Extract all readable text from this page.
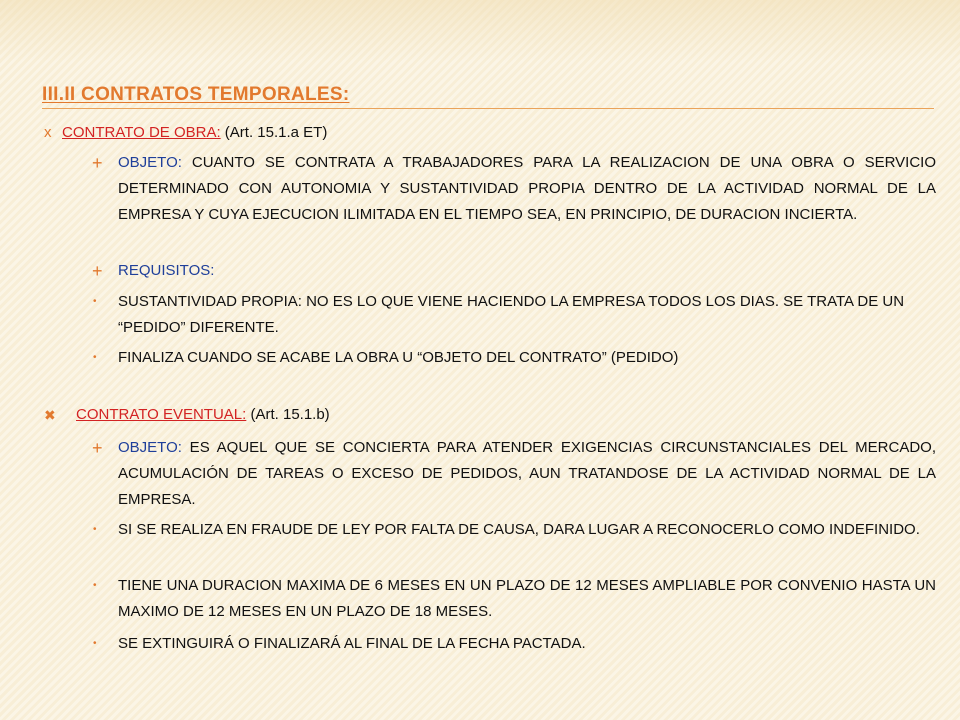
III.II CONTRATOS TEMPORALES:
x CONTRATO DE OBRA: (Art. 15.1.a ET)
+ OBJETO: CUANTO SE CONTRATA A TRABAJADORES PARA LA REALIZACION DE UNA OBRA O SERVICIO DETERMINADO CON AUTONOMIA Y SUSTANTIVIDAD PROPIA DENTRO DE LA ACTIVIDAD NORMAL DE LA EMPRESA Y CUYA EJECUCION ILIMITADA EN EL TIEMPO SEA, EN PRINCIPIO, DE DURACION INCIERTA.
+ REQUISITOS:
• SUSTANTIVIDAD PROPIA: NO ES LO QUE VIENE HACIENDO LA EMPRESA TODOS LOS DIAS. SE TRATA DE UN “PEDIDO” DIFERENTE.
• FINALIZA CUANDO SE ACABE LA OBRA U “OBJETO DEL CONTRATO” (PEDIDO)
✖ CONTRATO EVENTUAL: (Art. 15.1.b)
+ OBJETO: ES AQUEL QUE SE CONCIERTA PARA ATENDER EXIGENCIAS CIRCUNSTANCIALES DEL MERCADO, ACUMULACIÓN DE TAREAS O EXCESO DE PEDIDOS, AUN TRATANDOSE DE LA ACTIVIDAD NORMAL DE LA EMPRESA.
• SI SE REALIZA EN FRAUDE DE LEY POR FALTA DE CAUSA, DARA LUGAR A RECONOCERLO COMO INDEFINIDO.
• TIENE UNA DURACION MAXIMA DE 6 MESES EN UN PLAZO DE 12 MESES AMPLIABLE POR CONVENIO HASTA UN MAXIMO DE 12 MESES EN UN PLAZO DE 18 MESES.
• SE EXTINGUIRÁ O FINALIZARÁ AL FINAL DE LA FECHA PACTADA.
